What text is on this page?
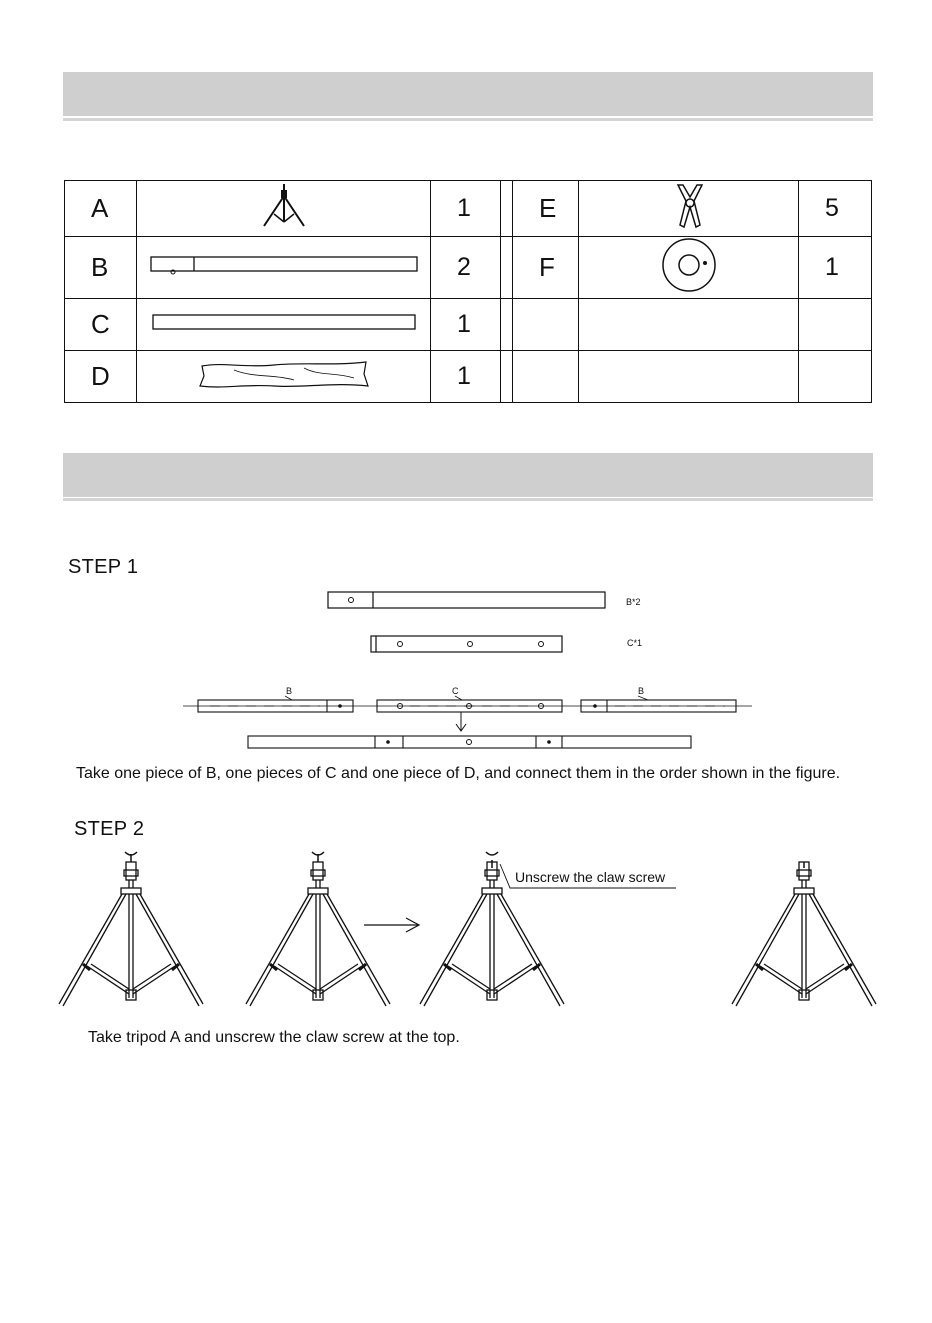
A		1		E		5
B		2		F		1
C		1				
D		1				
STEP 1
B*2
C*1
B	C	B
Take one piece of B, one pieces of C and one piece of D, and connect them in the order shown in the figure.
STEP 2
Unscrew the claw screw
Take tripod A and unscrew the claw screw at the top.
